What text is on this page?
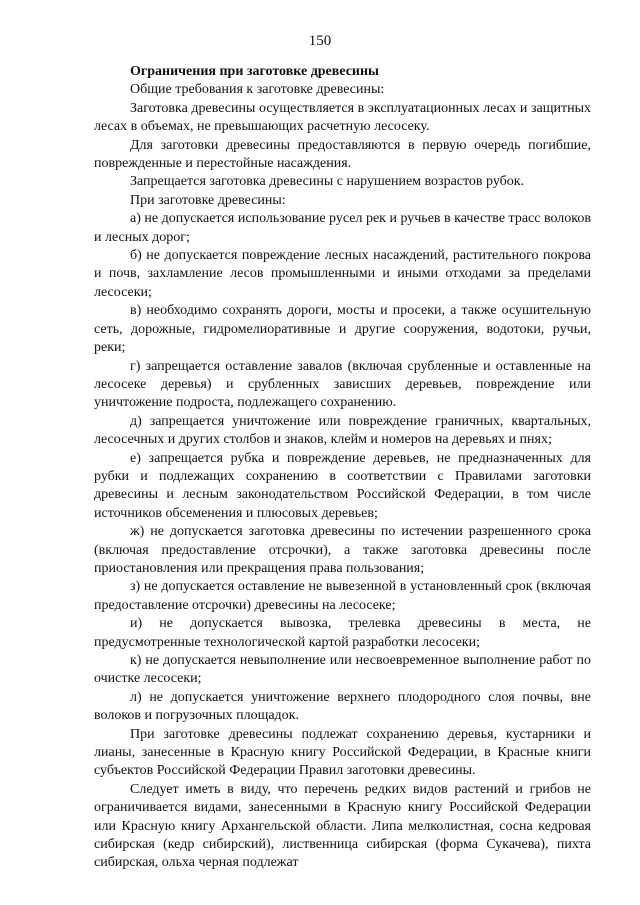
150
Ограничения при заготовке древесины

Общие требования к заготовке древесины:

Заготовка древесины осуществляется в эксплуатационных лесах и защитных лесах в объемах, не превышающих расчетную лесосеку.

Для заготовки древесины предоставляются в первую очередь погибшие, поврежденные и перестойные насаждения.

Запрещается заготовка древесины с нарушением возрастов рубок.

При заготовке древесины:

а) не допускается использование русел рек и ручьев в качестве трасс волоков и лесных дорог;

б) не допускается повреждение лесных насаждений, растительного покрова и почв, захламление лесов промышленными и иными отходами за пределами лесосеки;

в) необходимо сохранять дороги, мосты и просеки, а также осушительную сеть, дорожные, гидромелиоративные и другие сооружения, водотоки, ручьи, реки;

г) запрещается оставление завалов (включая срубленные и оставленные на лесосеке деревья) и срубленных зависших деревьев, повреждение или уничтожение подроста, подлежащего сохранению.

д) запрещается уничтожение или повреждение граничных, квартальных, лесосечных и других столбов и знаков, клейм и номеров на деревьях и пнях;

е) запрещается рубка и повреждение деревьев, не предназначенных для рубки и подлежащих сохранению в соответствии с Правилами заготовки древесины и лесным законодательством Российской Федерации, в том числе источников обсеменения и плюсовых деревьев;

ж) не допускается заготовка древесины по истечении разрешенного срока (включая предоставление отсрочки), а также заготовка древесины после приостановления или прекращения права пользования;

з) не допускается оставление не вывезенной в установленный срок (включая предоставление отсрочки) древесины на лесосеке;

и) не допускается вывозка, трелевка древесины в места, не предусмотренные технологической картой разработки лесосеки;

к) не допускается невыполнение или несвоевременное выполнение работ по очистке лесосеки;

л) не допускается уничтожение верхнего плодородного слоя почвы, вне волоков и погрузочных площадок.

При заготовке древесины подлежат сохранению деревья, кустарники и лианы, занесенные в Красную книгу Российской Федерации, в Красные книги субъектов Российской Федерации Правил заготовки древесины.

Следует иметь в виду, что перечень редких видов растений и грибов не ограничивается видами, занесенными в Красную книгу Российской Федерации или Красную книгу Архангельской области. Липа мелколистная, сосна кедровая сибирская (кедр сибирский), лиственница сибирская (форма Сукачева), пихта сибирская, ольха черная подлежат
